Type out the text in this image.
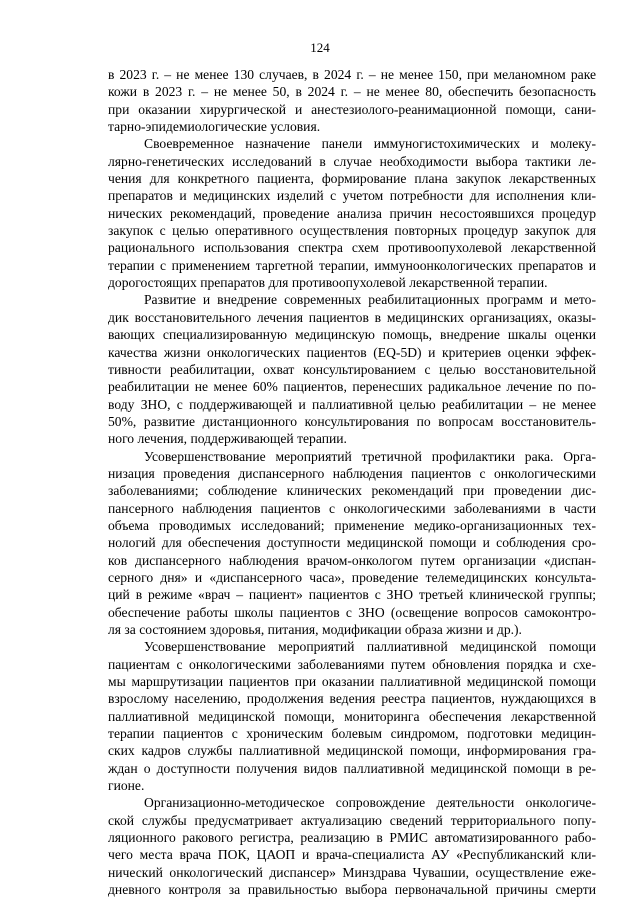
124
в 2023 г. – не менее 130 случаев, в 2024 г. – не менее 150, при меланомном раке
кожи в 2023 г. – не менее 50, в 2024 г. – не менее 80, обеспечить безопасность
при оказании хирургической и анестезиолого-реанимационной помощи, сани-
тарно-эпидемиологические условия.
Своевременное назначение панели иммуногистохимических и молеку-
лярно-генетических исследований в случае необходимости выбора тактики ле-
чения для конкретного пациента, формирование плана закупок лекарственных
препаратов и медицинских изделий с учетом потребности для исполнения кли-
нических рекомендаций, проведение анализа причин несостоявшихся процедур
закупок с целью оперативного осуществления повторных процедур закупок для
рационального использования спектра схем противоопухолевой лекарственной
терапии с применением таргетной терапии, иммуноонкологических препаратов и
дорогостоящих препаратов для противоопухолевой лекарственной терапии.
Развитие и внедрение современных реабилитационных программ и мето-
дик восстановительного лечения пациентов в медицинских организациях, оказы-
вающих специализированную медицинскую помощь, внедрение шкалы оценки
качества жизни онкологических пациентов (EQ-5D) и критериев оценки эффек-
тивности реабилитации, охват консультированием с целью восстановительной
реабилитации не менее 60% пациентов, перенесших радикальное лечение по по-
воду ЗНО, с поддерживающей и паллиативной целью реабилитации – не менее
50%, развитие дистанционного консультирования по вопросам восстановитель-
ного лечения, поддерживающей терапии.
Усовершенствование мероприятий третичной профилактики рака. Орга-
низация проведения диспансерного наблюдения пациентов с онкологическими
заболеваниями; соблюдение клинических рекомендаций при проведении дис-
пансерного наблюдения пациентов с онкологическими заболеваниями в части
объема проводимых исследований; применение медико-организационных тех-
нологий для обеспечения доступности медицинской помощи и соблюдения сро-
ков диспансерного наблюдения врачом-онкологом путем организации «диспан-
серного дня» и «диспансерного часа», проведение телемедицинских консульта-
ций в режиме «врач – пациент» пациентов с ЗНО третьей клинической группы;
обеспечение работы школы пациентов с ЗНО (освещение вопросов самоконтро-
ля за состоянием здоровья, питания, модификации образа жизни и др.).
Усовершенствование мероприятий паллиативной медицинской помощи
пациентам с онкологическими заболеваниями путем обновления порядка и схе-
мы маршрутизации пациентов при оказании паллиативной медицинской помощи
взрослому населению, продолжения ведения реестра пациентов, нуждающихся в
паллиативной медицинской помощи, мониторинга обеспечения лекарственной
терапии пациентов с хроническим болевым синдромом, подготовки медицин-
ских кадров службы паллиативной медицинской помощи, информирования гра-
ждан о доступности получения видов паллиативной медицинской помощи в ре-
гионе.
Организационно-методическое сопровождение деятельности онкологиче-
ской службы предусматривает актуализацию сведений территориального попу-
ляционного ракового регистра, реализацию в РМИС автоматизированного рабо-
чего места врача ПОК, ЦАОП и врача-специалиста АУ «Республиканский кли-
нический онкологический диспансер» Минздрава Чувашии, осуществление еже-
дневного контроля за правильностью выбора первоначальной причины смерти
